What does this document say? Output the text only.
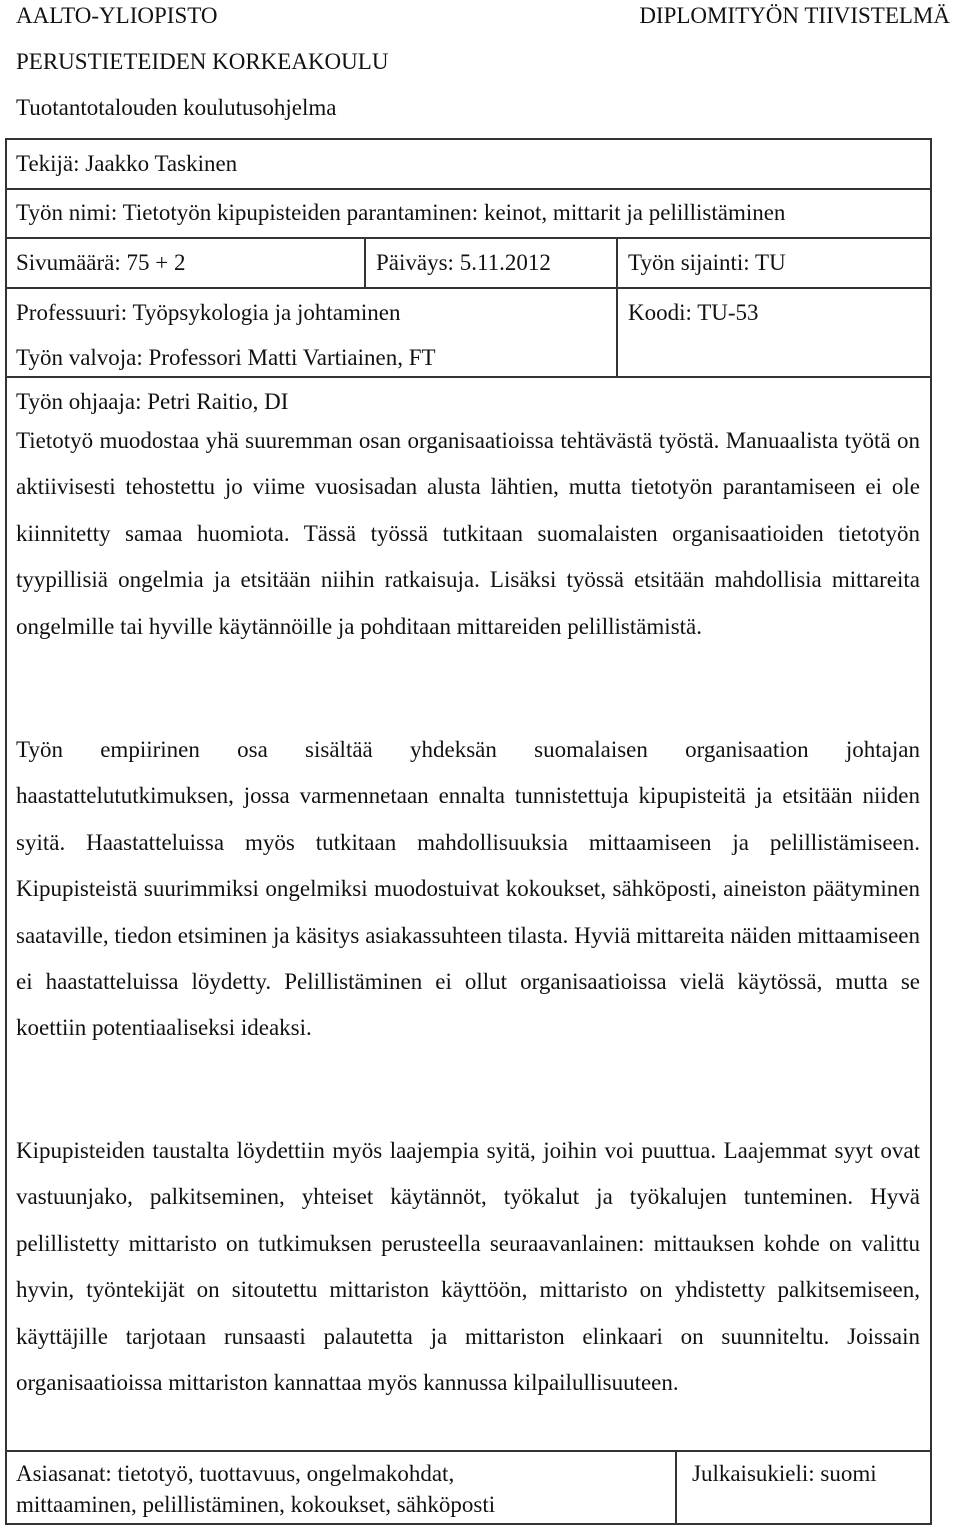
AALTO-YLIOPISTO
PERUSTIETEIDEN KORKEAKOULU
Tuotantotalouden koulutusohjelma
DIPLOMITYÖN TIIVISTELMÄ
Tekijä: Jaakko Taskinen
Työn nimi: Tietotyön kipupisteiden parantaminen: keinot, mittarit ja pelillistäminen
Sivumäärä: 75 + 2	Päiväys: 5.11.2012	Työn sijainti: TU
Professuuri: Työpsykologia ja johtaminen	Koodi: TU-53
Työn valvoja: Professori Matti Vartiainen, FT
Työn ohjaaja: Petri Raitio, DI

Tietotyö muodostaa yhä suuremman osan organisaatioissa tehtävästä työstä. Manuaalista työtä on aktiivisesti tehostettu jo viime vuosisadan alusta lähtien, mutta tietotyön parantamiseen ei ole kiinnitetty samaa huomiota. Tässä työssä tutkitaan suomalaisten organisaatioiden tietotyön tyypillisiä ongelmia ja etsitään niihin ratkaisuja. Lisäksi työssä etsitään mahdollisia mittareita ongelmille tai hyville käytännöille ja pohditaan mittareiden pelillistämistä.

Työn empiirinen osa sisältää yhdeksän suomalaisen organisaation johtajan haastattelututkimuksen, jossa varmennetaan ennalta tunnistettuja kipupisteitä ja etsitään niiden syitä. Haastatteluissa myös tutkitaan mahdollisuuksia mittaamiseen ja pelillistämiseen. Kipupisteistä suurimmiksi ongelmiksi muodostuivat kokoukset, sähköposti, aineiston päätyminen saataville, tiedon etsiminen ja käsitys asiakassuhteen tilasta. Hyviä mittareita näiden mittaamiseen ei haastatteluissa löydetty. Pelillistäminen ei ollut organisaatioissa vielä käytössä, mutta se koettiin potentiaaliseksi ideaksi.

Kipupisteiden taustalta löydettiin myös laajempia syitä, joihin voi puuttua. Laajemmat syyt ovat vastuunjako, palkitseminen, yhteiset käytännöt, työkalut ja työkalujen tunteminen. Hyvä pelillistetty mittaristo on tutkimuksen perusteella seuraavanlainen: mittauksen kohde on valittu hyvin, työntekijät on sitoutettu mittariston käyttöön, mittaristo on yhdistetty palkitsemiseen, käyttäjille tarjotaan runsaasti palautetta ja mittariston elinkaari on suunniteltu. Joissain organisaatioissa mittariston kannattaa myös kannussa kilpailullisuuteen.

Asiasanat: tietotyö, tuottavuus, ongelmakohdat,
mittaaminen, pelillistäminen, kokoukset, sähköposti
Julkaisukieli: suomi
